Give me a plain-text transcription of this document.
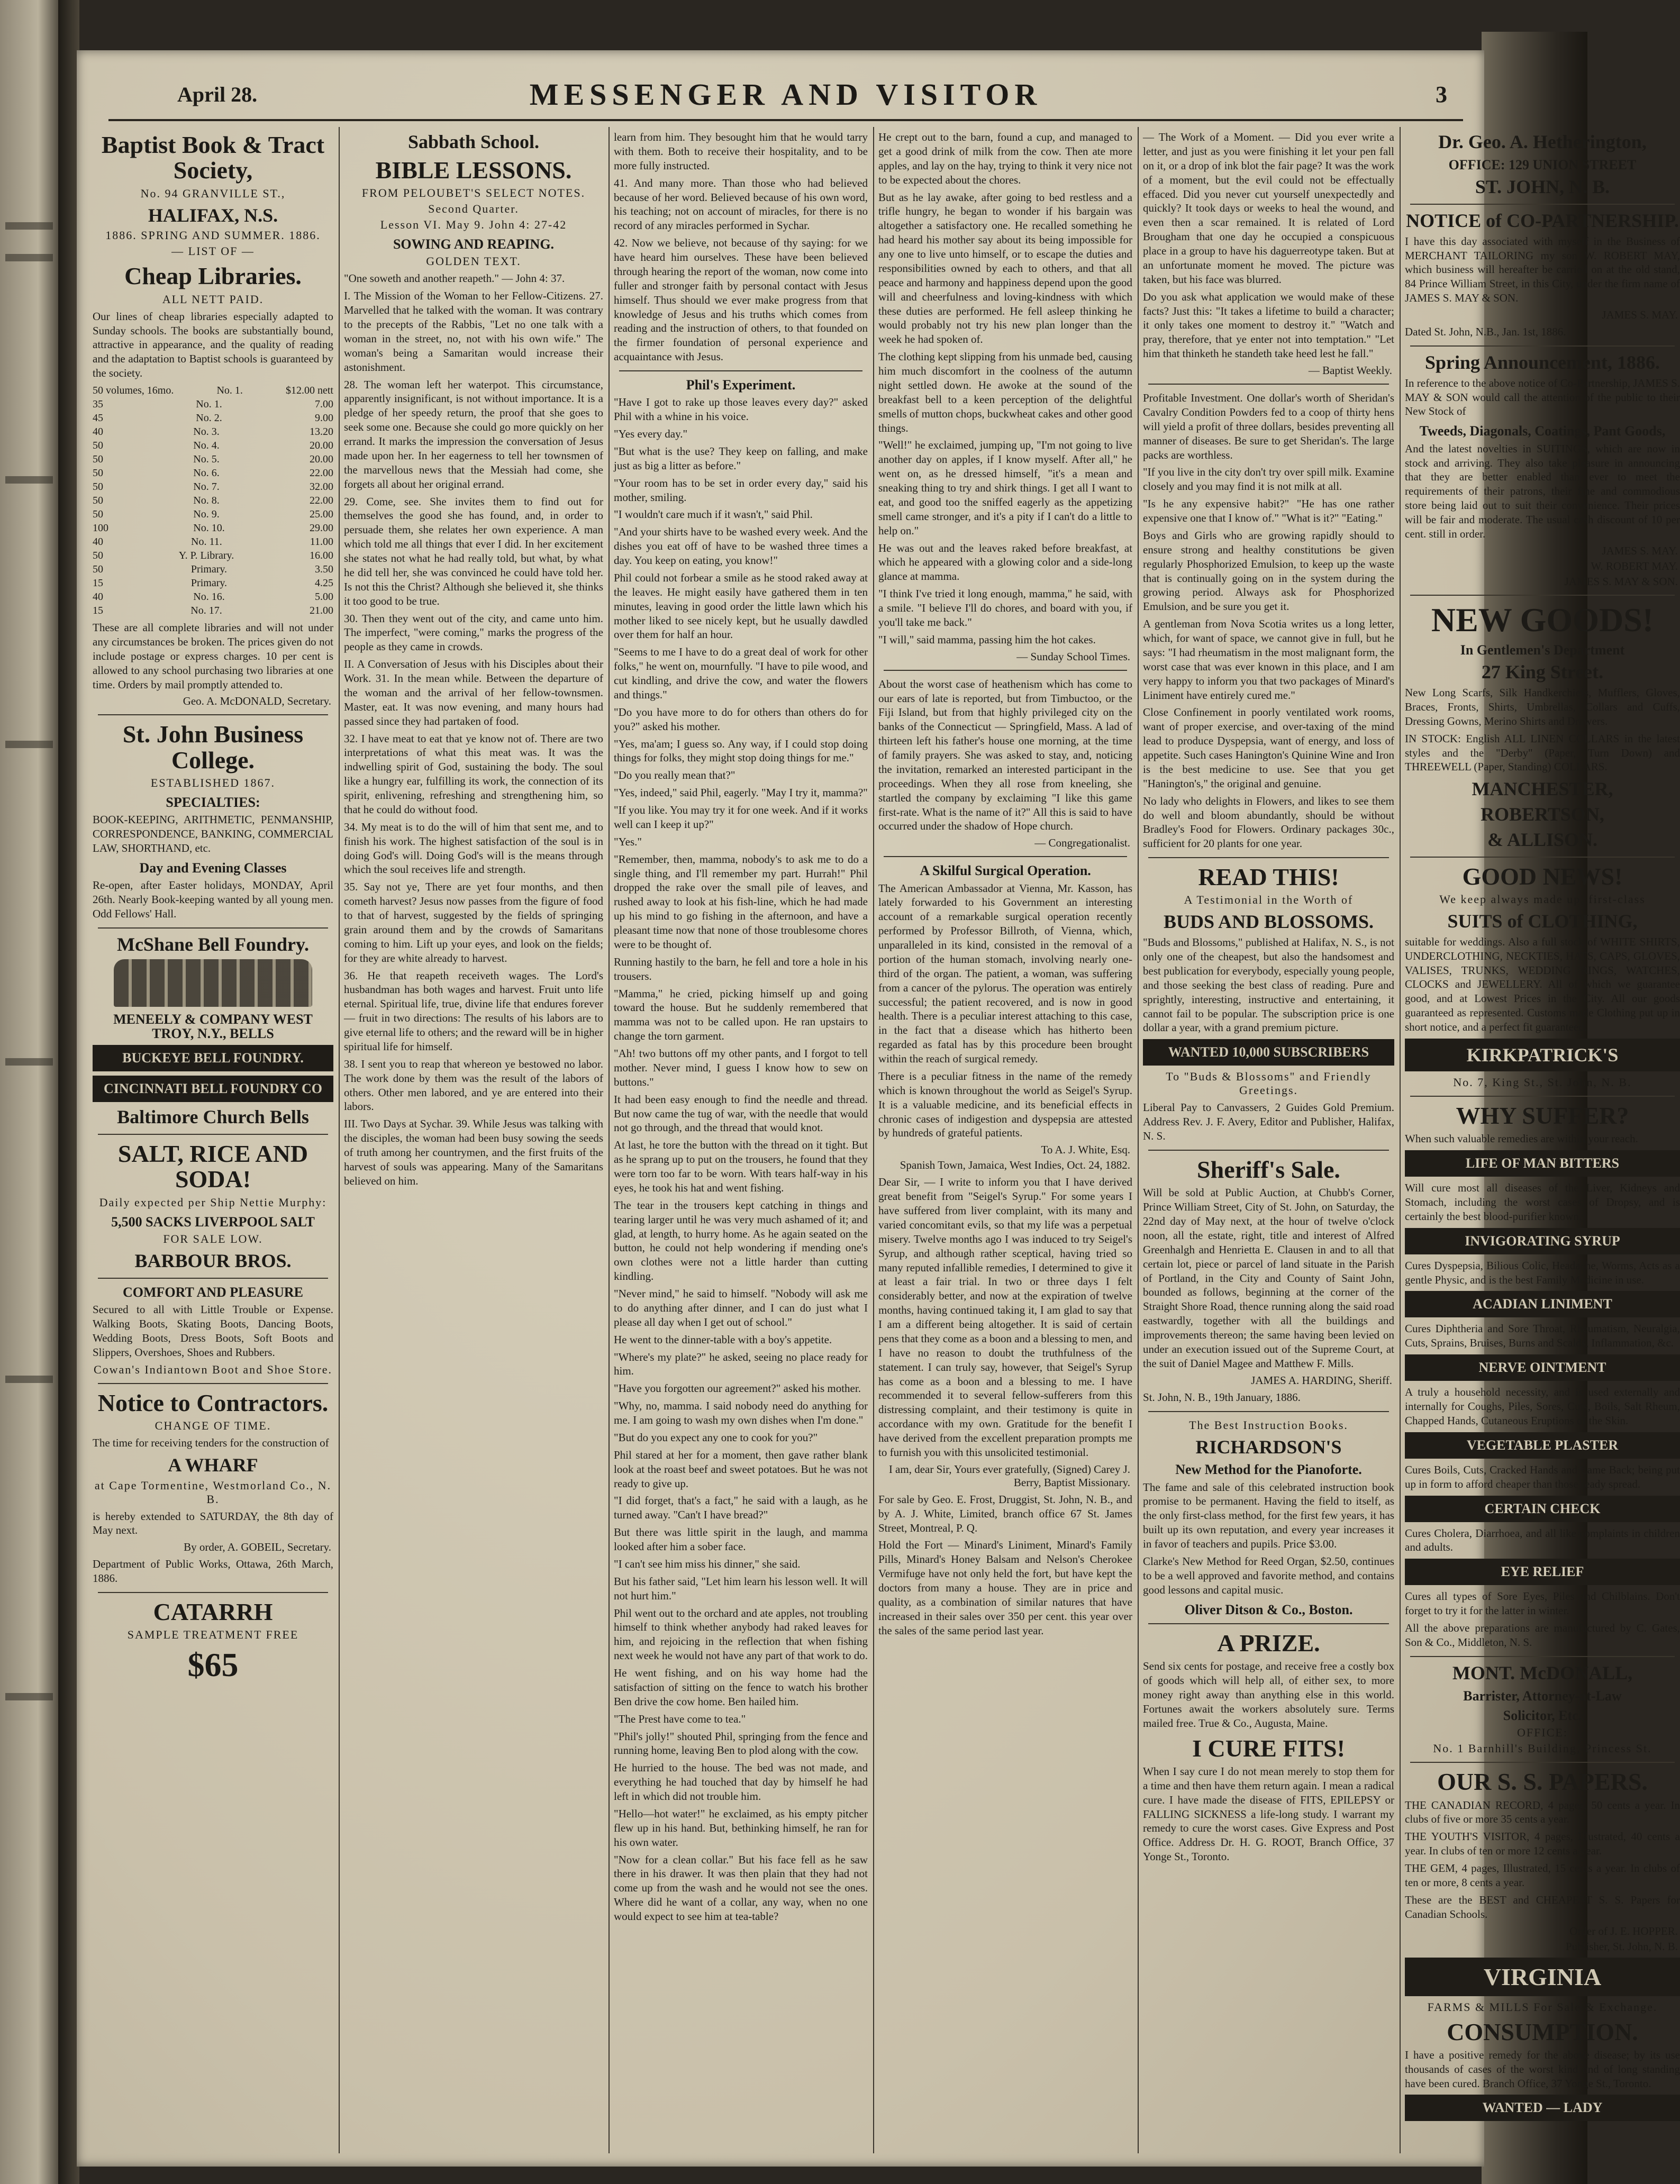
April 28.	MESSENGER AND VISITOR	3
Baptist Book & Tract Society,
No. 94 GRANVILLE ST.,
HALIFAX, N.S.
1886. SPRING AND SUMMER. 1886.
— LIST OF —
Cheap Libraries.
ALL NETT PAID.
Our lines of cheap libraries especially adapted to Sunday schools. The books are substantially bound, attractive in appearance, and the quality of reading and the adaptation to Baptist schools is guaranteed by the society.
50 volumes, 16mo.	No. 1.	$12.00 nett
35	No. 1.	7.00
45	No. 2.	9.00
40	No. 3.	13.20
50	No. 4.	20.00
50	No. 5.	20.00
50	No. 6.	22.00
50	No. 7.	32.00
50	No. 8.	22.00
50	No. 9.	25.00
100	No. 10.	29.00
40	No. 11.	11.00
50	Y. P. Library.	16.00
50	Primary.	3.50
15	Primary.	4.25
40	No. 16.	5.00
15	No. 17.	21.00
These are all complete libraries and will not under any circumstances be broken. The prices given do not include postage or express charges. 10 per cent is allowed to any school purchasing two libraries at one time. Orders by mail promptly attended to.
Geo. A. McDONALD, Secretary.
St. John Business College.
ESTABLISHED 1867.
SPECIALTIES:
BOOK-KEEPING, ARITHMETIC, PENMANSHIP, CORRESPONDENCE, BANKING, COMMERCIAL LAW, SHORTHAND, etc.
Day and Evening Classes
Re-open, after Easter holidays, MONDAY, April 26th. Nearly Book-keeping wanted by all young men. Odd Fellows' Hall.
McShane Bell Foundry.
MENEELY & COMPANY WEST TROY, N.Y., BELLS
BUCKEYE BELL FOUNDRY.
CINCINNATI BELL FOUNDRY CO
Baltimore Church Bells
SALT, RICE AND SODA!
Daily expected per Ship Nettie Murphy:
5,500 SACKS LIVERPOOL SALT
FOR SALE LOW.
BARBOUR BROS.
COMFORT AND PLEASURE
Secured to all with Little Trouble or Expense. Walking Boots, Skating Boots, Dancing Boots, Wedding Boots, Dress Boots, Soft Boots and Slippers, Overshoes, Shoes and Rubbers.
Cowan's Indiantown Boot and Shoe Store.
Notice to Contractors.
CHANGE OF TIME.
The time for receiving tenders for the construction of
A WHARF
at Cape Tormentine, Westmorland Co., N. B.
is hereby extended to SATURDAY, the 8th day of May next.
By order, A. GOBEIL, Secretary.
Department of Public Works, Ottawa, 26th March, 1886.
CATARRH
SAMPLE TREATMENT FREE
$65
Sabbath School.
BIBLE LESSONS.
FROM PELOUBET'S SELECT NOTES.
Second Quarter.
Lesson VI. May 9. John 4: 27-42
SOWING AND REAPING.
GOLDEN TEXT.
"One soweth and another reapeth." — John 4: 37.
I. The Mission of the Woman to her Fellow-Citizens. 27. Marvelled that he talked with the woman. It was contrary to the precepts of the Rabbis, "Let no one talk with a woman in the street, no, not with his own wife." The woman's being a Samaritan would increase their astonishment.
28. The woman left her waterpot. This circumstance, apparently insignificant, is not without importance. It is a pledge of her speedy return, the proof that she goes to seek some one. Because she could go more quickly on her errand. It marks the impression the conversation of Jesus made upon her. In her eagerness to tell her townsmen of the marvellous news that the Messiah had come, she forgets all about her original errand.
29. Come, see. She invites them to find out for themselves the good she has found, and, in order to persuade them, she relates her own experience. A man which told me all things that ever I did. In her excitement she states not what he had really told, but what, by what he did tell her, she was convinced he could have told her. Is not this the Christ? Although she believed it, she thinks it too good to be true.
30. Then they went out of the city, and came unto him. The imperfect, "were coming," marks the progress of the people as they came in crowds.
II. A Conversation of Jesus with his Disciples about their Work. 31. In the mean while. Between the departure of the woman and the arrival of her fellow-townsmen. Master, eat. It was now evening, and many hours had passed since they had partaken of food.
32. I have meat to eat that ye know not of. There are two interpretations of what this meat was. It was the indwelling spirit of God, sustaining the body. The soul like a hungry ear, fulfilling its work, the connection of its spirit, enlivening, refreshing and strengthening him, so that he could do without food.
34. My meat is to do the will of him that sent me, and to finish his work. The highest satisfaction of the soul is in doing God's will. Doing God's will is the means through which the soul receives life and strength.
35. Say not ye, There are yet four months, and then cometh harvest? Jesus now passes from the figure of food to that of harvest, suggested by the fields of springing grain around them and by the crowds of Samaritans coming to him. Lift up your eyes, and look on the fields; for they are white already to harvest.
36. He that reapeth receiveth wages. The Lord's husbandman has both wages and harvest. Fruit unto life eternal. Spiritual life, true, divine life that endures forever — fruit in two directions: The results of his labors are to give eternal life to others; and the reward will be in higher spiritual life for himself.
38. I sent you to reap that whereon ye bestowed no labor. The work done by them was the result of the labors of others. Other men labored, and ye are entered into their labors.
III. Two Days at Sychar. 39. While Jesus was talking with the disciples, the woman had been busy sowing the seeds of truth among her countrymen, and the first fruits of the harvest of souls was appearing. Many of the Samaritans believed on him.
learn from him. They besought him that he would tarry with them. Both to receive their hospitality, and to be more fully instructed.
41. And many more. Than those who had believed because of her word. Believed because of his own word, his teaching; not on account of miracles, for there is no record of any miracles performed in Sychar.
42. Now we believe, not because of thy saying: for we have heard him ourselves. These have been believed through hearing the report of the woman, now come into fuller and stronger faith by personal contact with Jesus himself. Thus should we ever make progress from that knowledge of Jesus and his truths which comes from reading and the instruction of others, to that founded on the firmer foundation of personal experience and acquaintance with Jesus.
Phil's Experiment.
"Have I got to rake up those leaves every day?" asked Phil with a whine in his voice.
"Yes every day."
"But what is the use? They keep on falling, and make just as big a litter as before."
"Your room has to be set in order every day," said his mother, smiling.
"I wouldn't care much if it wasn't," said Phil.
"And your shirts have to be washed every week. And the dishes you eat off of have to be washed three times a day. You keep on eating, you know!"
Phil could not forbear a smile as he stood raked away at the leaves. He might easily have gathered them in ten minutes, leaving in good order the little lawn which his mother liked to see nicely kept, but he usually dawdled over them for half an hour.
"Seems to me I have to do a great deal of work for other folks," he went on, mournfully. "I have to pile wood, and cut kindling, and drive the cow, and water the flowers and things."
"Do you have more to do for others than others do for you?" asked his mother.
"Yes, ma'am; I guess so. Any way, if I could stop doing things for folks, they might stop doing things for me."
"Do you really mean that?"
"Yes, indeed," said Phil, eagerly. "May I try it, mamma?"
"If you like. You may try it for one week. And if it works well can I keep it up?"
"Yes."
"Remember, then, mamma, nobody's to ask me to do a single thing, and I'll remember my part. Hurrah!" Phil dropped the rake over the small pile of leaves, and rushed away to look at his fish-line, which he had made up his mind to go fishing in the afternoon, and have a pleasant time now that none of those troublesome chores were to be thought of.
Running hastily to the barn, he fell and tore a hole in his trousers.
"Mamma," he cried, picking himself up and going toward the house. But he suddenly remembered that mamma was not to be called upon. He ran upstairs to change the torn garment.
"Ah! two buttons off my other pants, and I forgot to tell mother. Never mind, I guess I know how to sew on buttons."
It had been easy enough to find the needle and thread. But now came the tug of war, with the needle that would not go through, and the thread that would knot.
At last, he tore the button with the thread on it tight. But as he sprang up to put on the trousers, he found that they were torn too far to be worn. With tears half-way in his eyes, he took his hat and went fishing.
The tear in the trousers kept catching in things and tearing larger until he was very much ashamed of it; and glad, at length, to hurry home. As he again seated on the button, he could not help wondering if mending one's own clothes were not a little harder than cutting kindling.
"Never mind," he said to himself. "Nobody will ask me to do anything after dinner, and I can do just what I please all day when I get out of school."
He went to the dinner-table with a boy's appetite.
"Where's my plate?" he asked, seeing no place ready for him.
"Have you forgotten our agreement?" asked his mother.
"Why, no, mamma. I said nobody need do anything for me. I am going to wash my own dishes when I'm done."
"But do you expect any one to cook for you?"
Phil stared at her for a moment, then gave rather blank look at the roast beef and sweet potatoes. But he was not ready to give up.
"I did forget, that's a fact," he said with a laugh, as he turned away. "Can't I have bread?"
But there was little spirit in the laugh, and mamma looked after him a sober face.
"I can't see him miss his dinner," she said.
But his father said, "Let him learn his lesson well. It will not hurt him."
Phil went out to the orchard and ate apples, not troubling himself to think whether anybody had raked leaves for him, and rejoicing in the reflection that when fishing next week he would not have any part of that work to do.
He went fishing, and on his way home had the satisfaction of sitting on the fence to watch his brother Ben drive the cow home. Ben hailed him.
"The Prest have come to tea."
"Phil's jolly!" shouted Phil, springing from the fence and running home, leaving Ben to plod along with the cow.
He hurried to the house. The bed was not made, and everything he had touched that day by himself he had left in which did not trouble him.
"Hello—hot water!" he exclaimed, as his empty pitcher flew up in his hand. But, bethinking himself, he ran for his own water.
"Now for a clean collar." But his face fell as he saw there in his drawer. It was then plain that they had not come up from the wash and he would not see the ones. Where did he want of a collar, any way, when no one would expect to see him at tea-table?
He crept out to the barn, found a cup, and managed to get a good drink of milk from the cow. Then ate more apples, and lay on the hay, trying to think it very nice not to be expected about the chores.
But as he lay awake, after going to bed restless and a trifle hungry, he began to wonder if his bargain was altogether a satisfactory one. He recalled something he had heard his mother say about its being impossible for any one to live unto himself, or to escape the duties and responsibilities owned by each to others, and that all peace and harmony and happiness depend upon the good will and cheerfulness and loving-kindness with which these duties are performed. He fell asleep thinking he would probably not try his new plan longer than the week he had spoken of.
The clothing kept slipping from his unmade bed, causing him much discomfort in the coolness of the autumn night settled down. He awoke at the sound of the breakfast bell to a keen perception of the delightful smells of mutton chops, buckwheat cakes and other good things.
"Well!" he exclaimed, jumping up, "I'm not going to live another day on apples, if I know myself. After all," he went on, as he dressed himself, "it's a mean and sneaking thing to try and shirk things. I get all I want to eat, and good too the sniffed eagerly as the appetizing smell came stronger, and it's a pity if I can't do a little to help on."
He was out and the leaves raked before breakfast, at which he appeared with a glowing color and a side-long glance at mamma.
"I think I've tried it long enough, mamma," he said, with a smile. "I believe I'll do chores, and board with you, if you'll take me back."
"I will," said mamma, passing him the hot cakes.
— Sunday School Times.
About the worst case of heathenism which has come to our ears of late is reported, but from Timbuctoo, or the Fiji Island, but from that highly privileged city on the banks of the Connecticut — Springfield, Mass. A lad of thirteen left his father's house one morning, at the time of family prayers. She was asked to stay, and, noticing the invitation, remarked an interested participant in the proceedings. When they all rose from kneeling, she startled the company by exclaiming "I like this game first-rate. What is the name of it?" All this is said to have occurred under the shadow of Hope church.
— Congregationalist.
A Skilful Surgical Operation.
The American Ambassador at Vienna, Mr. Kasson, has lately forwarded to his Government an interesting account of a remarkable surgical operation recently performed by Professor Billroth, of Vienna, which, unparalleled in its kind, consisted in the removal of a portion of the human stomach, involving nearly one-third of the organ. The patient, a woman, was suffering from a cancer of the pylorus. The operation was entirely successful; the patient recovered, and is now in good health. There is a peculiar interest attaching to this case, in the fact that a disease which has hitherto been regarded as fatal has by this procedure been brought within the reach of surgical remedy.
There is a peculiar fitness in the name of the remedy which is known throughout the world as Seigel's Syrup. It is a valuable medicine, and its beneficial effects in chronic cases of indigestion and dyspepsia are attested by hundreds of grateful patients.
To A. J. White, Esq.
Spanish Town, Jamaica, West Indies, Oct. 24, 1882.
Dear Sir, — I write to inform you that I have derived great benefit from "Seigel's Syrup." For some years I have suffered from liver complaint, with its many and varied concomitant evils, so that my life was a perpetual misery. Twelve months ago I was induced to try Seigel's Syrup, and although rather sceptical, having tried so many reputed infallible remedies, I determined to give it at least a fair trial. In two or three days I felt considerably better, and now at the expiration of twelve months, having continued taking it, I am glad to say that I am a different being altogether. It is said of certain pens that they come as a boon and a blessing to men, and I have no reason to doubt the truthfulness of the statement. I can truly say, however, that Seigel's Syrup has come as a boon and a blessing to me. I have recommended it to several fellow-sufferers from this distressing complaint, and their testimony is quite in accordance with my own. Gratitude for the benefit I have derived from the excellent preparation prompts me to furnish you with this unsolicited testimonial.
I am, dear Sir, Yours ever gratefully, (Signed) Carey J. Berry, Baptist Missionary.
For sale by Geo. E. Frost, Druggist, St. John, N. B., and by A. J. White, Limited, branch office 67 St. James Street, Montreal, P. Q.
Hold the Fort — Minard's Liniment, Minard's Family Pills, Minard's Honey Balsam and Nelson's Cherokee Vermifuge have not only held the fort, but have kept the doctors from many a house. They are in price and quality, as a combination of similar natures that have increased in their sales over 350 per cent. this year over the sales of the same period last year.
— The Work of a Moment. — Did you ever write a letter, and just as you were finishing it let your pen fall on it, or a drop of ink blot the fair page? It was the work of a moment, but the evil could not be effectually effaced. Did you never cut yourself unexpectedly and quickly? It took days or weeks to heal the wound, and even then a scar remained. It is related of Lord Brougham that one day he occupied a conspicuous place in a group to have his daguerreotype taken. But at an unfortunate moment he moved. The picture was taken, but his face was blurred.
Do you ask what application we would make of these facts? Just this: "It takes a lifetime to build a character; it only takes one moment to destroy it." "Watch and pray, therefore, that ye enter not into temptation." "Let him that thinketh he standeth take heed lest he fall."
— Baptist Weekly.
Profitable Investment. One dollar's worth of Sheridan's Cavalry Condition Powders fed to a coop of thirty hens will yield a profit of three dollars, besides preventing all manner of diseases. Be sure to get Sheridan's. The large packs are worthless.
"If you live in the city don't try over spill milk. Examine closely and you may find it is not milk at all.
"Is he any expensive habit?" "He has one rather expensive one that I know of." "What is it?" "Eating."
Boys and Girls who are growing rapidly should to ensure strong and healthy constitutions be given regularly Phosphorized Emulsion, to keep up the waste that is continually going on in the system during the growing period. Always ask for Phosphorized Emulsion, and be sure you get it.
A gentleman from Nova Scotia writes us a long letter, which, for want of space, we cannot give in full, but he says: "I had rheumatism in the most malignant form, the worst case that was ever known in this place, and I am very happy to inform you that two packages of Minard's Liniment have entirely cured me."
Close Confinement in poorly ventilated work rooms, want of proper exercise, and over-taxing of the mind lead to produce Dyspepsia, want of energy, and loss of appetite. Such cases Hanington's Quinine Wine and Iron is the best medicine to use. See that you get "Hanington's," the original and genuine.
No lady who delights in Flowers, and likes to see them do well and bloom abundantly, should be without Bradley's Food for Flowers. Ordinary packages 30c., sufficient for 20 plants for one year.
READ THIS!
A Testimonial in the Worth of
BUDS AND BLOSSOMS.
"Buds and Blossoms," published at Halifax, N. S., is not only one of the cheapest, but also the handsomest and best publication for everybody, especially young people, and those seeking the best class of reading. Pure and sprightly, interesting, instructive and entertaining, it cannot fail to be popular. The subscription price is one dollar a year, with a grand premium picture.
WANTED 10,000 SUBSCRIBERS
To "Buds & Blossoms" and Friendly Greetings.
Liberal Pay to Canvassers, 2 Guides Gold Premium. Address Rev. J. F. Avery, Editor and Publisher, Halifax, N. S.
Sheriff's Sale.
Will be sold at Public Auction, at Chubb's Corner, Prince William Street, City of St. John, on Saturday, the 22nd day of May next, at the hour of twelve o'clock noon, all the estate, right, title and interest of Alfred Greenhalgh and Henrietta E. Clausen in and to all that certain lot, piece or parcel of land situate in the Parish of Portland, in the City and County of Saint John, bounded as follows, beginning at the corner of the Straight Shore Road, thence running along the said road eastwardly, together with all the buildings and improvements thereon; the same having been levied on under an execution issued out of the Supreme Court, at the suit of Daniel Magee and Matthew F. Mills.
JAMES A. HARDING, Sheriff.
St. John, N. B., 19th January, 1886.
The Best Instruction Books.
RICHARDSON'S
New Method for the Pianoforte.
The fame and sale of this celebrated instruction book promise to be permanent. Having the field to itself, as the only first-class method, for the first few years, it has built up its own reputation, and every year increases it in favor of teachers and pupils. Price $3.00.
Clarke's New Method for Reed Organ, $2.50, continues to be a well approved and favorite method, and contains good lessons and capital music.
Oliver Ditson & Co., Boston.
A PRIZE.
Send six cents for postage, and receive free a costly box of goods which will help all, of either sex, to more money right away than anything else in this world. Fortunes await the workers absolutely sure. Terms mailed free. True & Co., Augusta, Maine.
I CURE FITS!
When I say cure I do not mean merely to stop them for a time and then have them return again. I mean a radical cure. I have made the disease of FITS, EPILEPSY or FALLING SICKNESS a life-long study. I warrant my remedy to cure the worst cases. Give Express and Post Office. Address Dr. H. G. ROOT, Branch Office, 37 Yonge St., Toronto.
Dr. Geo. A. Hetherington,
OFFICE: 129 UNION STREET
ST. JOHN, N. B.
NOTICE of CO-PARTNERSHIP.
I have this day associated with myself in the Business of MERCHANT TAILORING my son W. ROBERT MAY, which business will hereafter be carried on at the old stand, 84 Prince William Street, in this City, under the firm name of JAMES S. MAY & SON.
JAMES S. MAY.
Dated St. John, N.B., Jan. 1st, 1886.
Spring Announcement, 1886.
In reference to the above notice of Co-Partnership, JAMES S. MAY & SON would call the attention of the public to their New Stock of
Tweeds, Diagonals, Coatings, Pant Goods,
And the latest novelties in SUITINGS, which are now in stock and arriving. They also take pleasure in announcing that they are better enabled than ever to meet the requirements of their patrons, their fine and commodious store being laid out to suit their convenience. Their prices will be fair and moderate. The usual cash discount of 10 per cent. still in order.
JAMES S. MAY.
W. ROBERT MAY.
JAMES S. MAY & SON.
NEW GOODS!
In Gentlemen's Department
27 King Street.
New Long Scarfs, Silk Handkerchiefs, Mufflers, Gloves, Braces, Fronts, Shirts, Umbrellas, Collars and Cuffs, Dressing Gowns, Merino Shirts and Drawers.
IN STOCK: English ALL LINEN COLLARS in the latest styles and the "Derby" (Paper, Turn Down) and THREEWELL (Paper, Standing) COLLARS.
MANCHESTER,
ROBERTSON,
& ALLISON.
GOOD NEWS!
We keep always made up, first-class
SUITS of CLOTHING,
suitable for weddings. Also a full stock of WHITE SHIRTS, UNDERCLOTHING, NECKTIES, HATS, CAPS, GLOVES, VALISES, TRUNKS, WEDDING RINGS, WATCHES, CLOCKS and JEWELLERY. All of which we guarantee good, and at Lowest Prices in the City. All our goods guaranteed as represented. Customs made Clothing put up in short notice, and a perfect fit guaranteed.
KIRKPATRICK'S
No. 7, King St., St. John, N. B.
WHY SUFFER?
When such valuable remedies are within your reach.
LIFE OF MAN BITTERS
Will cure most all diseases of the Liver, Kidneys and Stomach, including the worst cases of Dropsy, and is certainly the best blood-purifier known.
INVIGORATING SYRUP
Cures Dyspepsia, Bilious Colic, Headache, Worms, Acts as a gentle Physic, and is the best Family Medicine in use.
ACADIAN LINIMENT
Cures Diphtheria and Sore Throat, Rheumatism, Neuralgia, Cuts, Sprains, Bruises, Burns and Scalds, Inflammation, &c.
NERVE OINTMENT
A truly a household necessity, and is used externally and internally for Coughs, Piles, Sores, Cuts, Boils, Salt Rheum, Chapped Hands, Cutaneous Eruptions of the Skin.
VEGETABLE PLASTER
Cures Boils, Cuts, Cracked Hands and Lame Back; being put up in form to afford cheaper than those ready spread.
CERTAIN CHECK
Cures Cholera, Diarrhoea, and all like complaints in children and adults.
EYE RELIEF
Cures all types of Sore Eyes, Piles and Chilblains. Don't forget to try it for the latter in winter.
All the above preparations are manufactured by C. Gates, Son & Co., Middleton, N. S.
MONT. McDONALL,
Barrister, Attorney-at-Law
Solicitor, Etc.
OFFICE:
No. 1 Barnhill's Building, Princess St.
OUR S. S. PAPERS.
THE CANADIAN RECORD, 4 pages, 50 cents a year. In clubs of five or more 35 cents a year.
THE YOUTH'S VISITOR, 4 pages, Illustrated, 40 cents a year. In clubs of ten or more 12 cents a year.
THE GEM, 4 pages, Illustrated, 15 cents a year. In clubs of ten or more, 8 cents a year.
These are the BEST and CHEAPEST S. S. Papers for Canadian Schools.
Order of J. E. HOPPER.
Publisher, St. John, N. B.
VIRGINIA
FARMS & MILLS For Sale & Exchange.
CONSUMPTION.
I have a positive remedy for the above disease; by its use thousands of cases of the worst kind and of long standing have been cured. Branch Office, 37 Yonge St., Toronto.
WANTED — LADY
